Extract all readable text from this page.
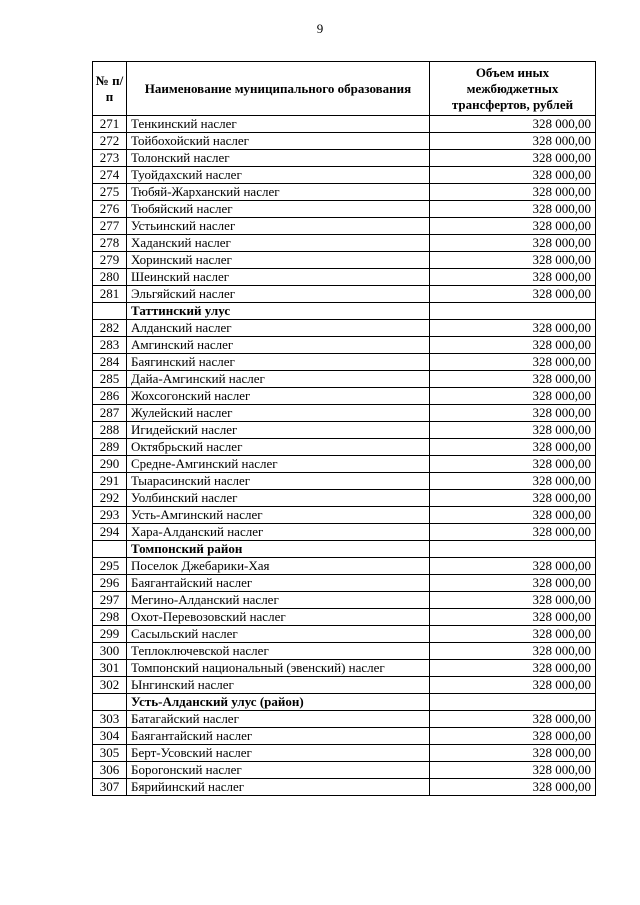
9
№ п/п	Наименование муниципального образования	Объем иных межбюджетных трансфертов, рублей
271	Тенкинский наслег	328 000,00
272	Тойбохойский наслег	328 000,00
273	Толонский наслег	328 000,00
274	Туойдахский наслег	328 000,00
275	Тюбяй-Жарханский наслег	328 000,00
276	Тюбяйский наслег	328 000,00
277	Устьинский наслег	328 000,00
278	Хаданский наслег	328 000,00
279	Хоринский наслег	328 000,00
280	Шеинский наслег	328 000,00
281	Эльгяйский наслег	328 000,00
	Таттинский улус	
282	Алданский наслег	328 000,00
283	Амгинский наслег	328 000,00
284	Баягинский наслег	328 000,00
285	Дайа-Амгинский наслег	328 000,00
286	Жохсогонский наслег	328 000,00
287	Жулейский наслег	328 000,00
288	Игидейский наслег	328 000,00
289	Октябрьский наслег	328 000,00
290	Средне-Амгинский наслег	328 000,00
291	Тыарасинский наслег	328 000,00
292	Уолбинский наслег	328 000,00
293	Усть-Амгинский наслег	328 000,00
294	Хара-Алданский наслег	328 000,00
	Томпонский район	
295	Поселок Джебарики-Хая	328 000,00
296	Баягантайский наслег	328 000,00
297	Мегино-Алданский наслег	328 000,00
298	Охот-Перевозовский наслег	328 000,00
299	Сасыльский наслег	328 000,00
300	Теплоключевской наслег	328 000,00
301	Томпонский национальный (эвенский) наслег	328 000,00
302	Ынгинский наслег	328 000,00
	Усть-Алданский улус (район)	
303	Батагайский наслег	328 000,00
304	Баягантайский наслег	328 000,00
305	Берт-Усовский наслег	328 000,00
306	Борогонский наслег	328 000,00
307	Бярийинский наслег	328 000,00
